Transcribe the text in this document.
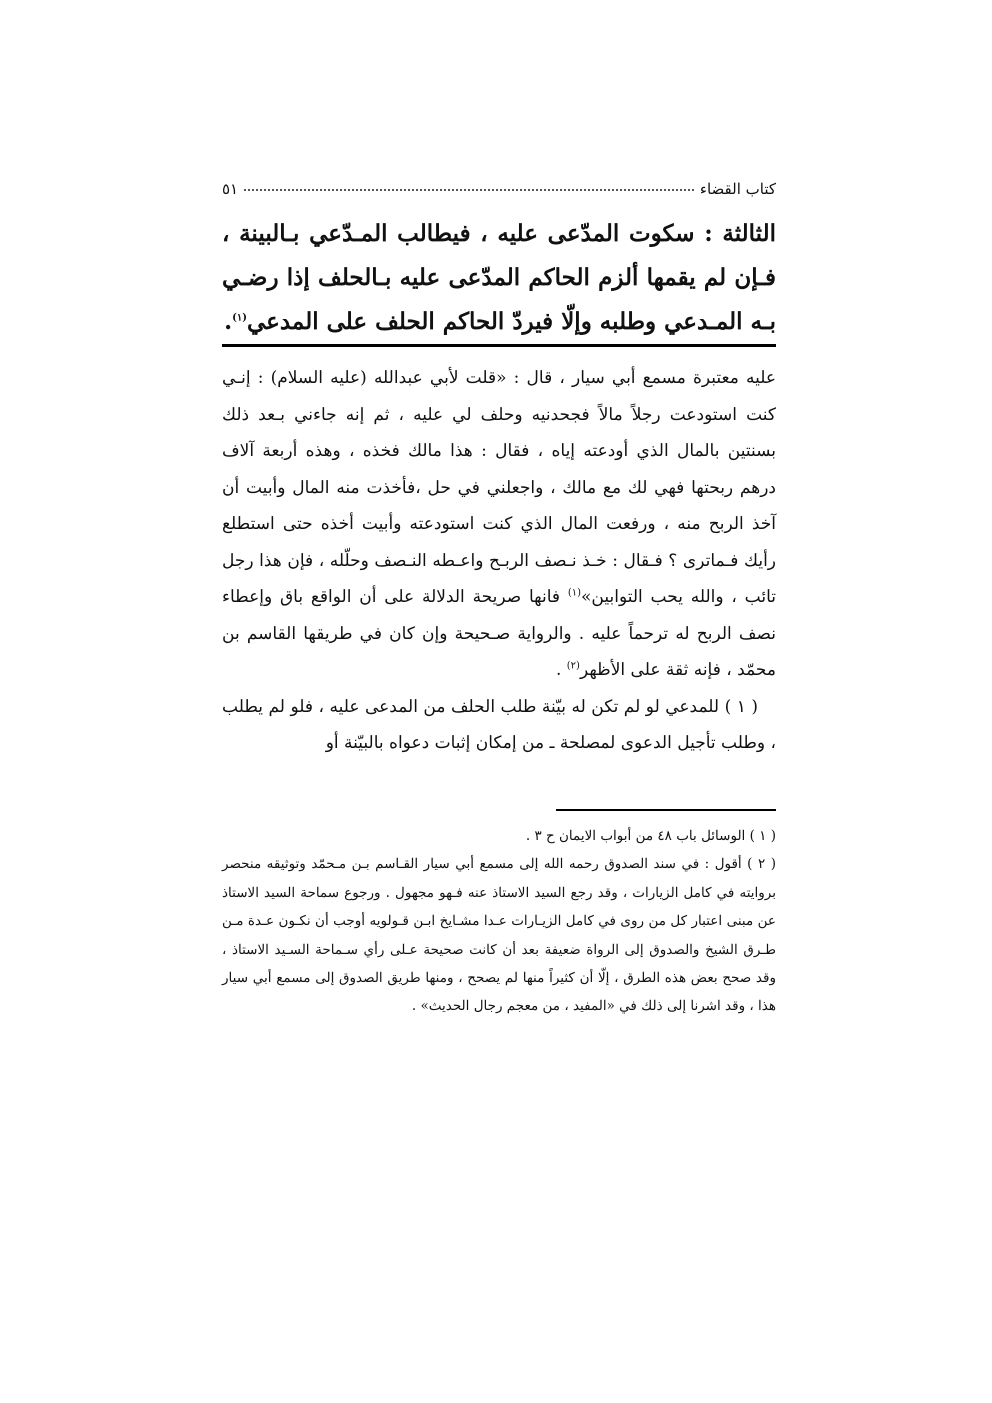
كتاب القضاء
٥١
الثالثة : سكوت المدّعى عليه ، فيطالب المـدّعي بـالبينة ، فـإن لم يقمها ألزم الحاكم المدّعى عليه بـالحلف إذا رضـي بـه المـدعي وطلبه وإلّا فيردّ الحاكم الحلف على المدعي$^{(١)}$.

عليه معتبرة مسمع أبي سيار ، قال : «قلت لأبي عبدالله (عليه السلام) : إنـي كنت استودعت رجلاً مالاً فجحدنيه وحلف لي عليه ، ثم إنه جاءني بـعد ذلك بسنتين بالمال الذي أودعته إياه ، فقال : هذا مالك فخذه ، وهذه أربعة آلاف درهم ربحتها فهي لك مع مالك ، واجعلني في حل ،فأخذت منه المال وأبيت أن آخذ الربح منه ، ورفعت المال الذي كنت استودعته وأبيت أخذه حتى استطلع رأيك فـماترى ؟ فـقال : خـذ نـصف الربـح واعـطه النـصف وحلّله ، فإن هذا رجل تائب ، والله يحب التوابين»$^{(١)}$ فانها صريحة الدلالة على أن الواقع باق وإعطاء نصف الربح له ترحماً عليه . والرواية صـحيحة وإن كان في طريقها القاسم بن محمّد ، فإنه ثقة على الأظهر$^{(٢)}$ .

( ١ ) للمدعي لو لم تكن له بيّنة طلب الحلف من المدعى عليه ، فلو لم يطلب ، وطلب تأجيل الدعوى لمصلحة ـ من إمكان إثبات دعواه بالبيّنة أو

( ١ ) الوسائل باب ٤٨ من أبواب الايمان ح ٣ .

( ٢ ) أقول : في سند الصدوق رحمه الله إلى مسمع أبي سيار القـاسم بـن مـحمّد وتوثيقه منحصر بروايته في كامل الزيارات ، وقد رجع السيد الاستاذ عنه فـهو مجهول . ورجوع سماحة السيد الاستاذ عن مبنى اعتبار كل من روى في كامل الزيـارات عـدا مشـايخ ابـن قـولويه أوجب أن نكـون عـدة مـن طـرق الشيخ والصدوق إلى الرواة ضعيفة بعد أن كانت صحيحة عـلى رأي سـماحة السـيد الاستاذ ، وقد صحح بعض هذه الطرق ، إلّا أن كثيراً منها لم يصحح ، ومنها طريق الصدوق إلى مسمع أبي سيار هذا ، وقد اشرنا إلى ذلك في «المفيد ، من معجم رجال الحديث» .
